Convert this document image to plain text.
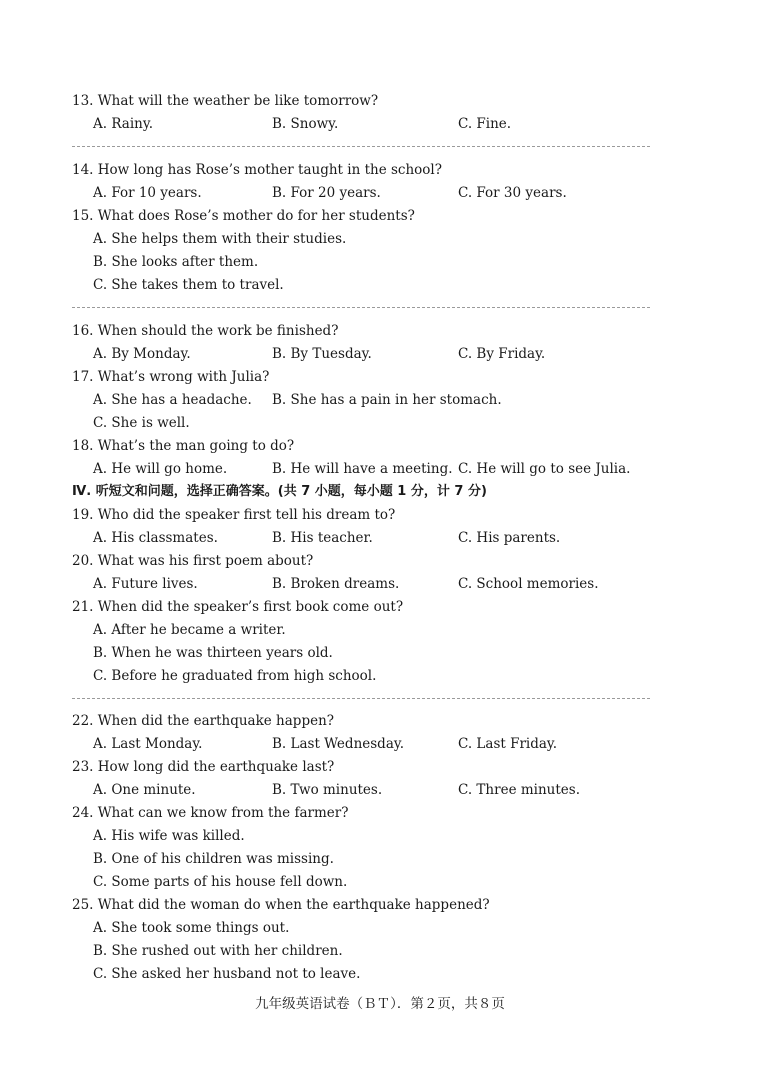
13. What will the weather be like tomorrow?
A. Rainy.	B. Snowy.	C. Fine.
14. How long has Rose’s mother taught in the school?
A. For 10 years.	B. For 20 years.	C. For 30 years.
15. What does Rose’s mother do for her students?
A. She helps them with their studies.
B. She looks after them.
C. She takes them to travel.
16. When should the work be finished?
A. By Monday.	B. By Tuesday.	C. By Friday.
17. What’s wrong with Julia?
A. She has a headache. B. She has a pain in her stomach.
C. She is well.
18. What’s the man going to do?
A. He will go home.	B. He will have a meeting. C. He will go to see Julia.
Ⅳ. 听短文和问题，选择正确答案。(共 7 小题，每小题 1 分，计 7 分)
19. Who did the speaker first tell his dream to?
A. His classmates.	B. His teacher.	C. His parents.
20. What was his first poem about?
A. Future lives.	B. Broken dreams.	C. School memories.
21. When did the speaker’s first book come out?
A. After he became a writer.
B. When he was thirteen years old.
C. Before he graduated from high school.
22. When did the earthquake happen?
A. Last Monday.	B. Last Wednesday.	C. Last Friday.
23. How long did the earthquake last?
A. One minute.	B. Two minutes.	C. Three minutes.
24. What can we know from the farmer?
A. His wife was killed.
B. One of his children was missing.
C. Some parts of his house fell down.
25. What did the woman do when the earthquake happened?
A. She took some things out.
B. She rushed out with her children.
C. She asked her husband not to leave.
九年级英语试卷（ＢＴ）．第２页，共８页
